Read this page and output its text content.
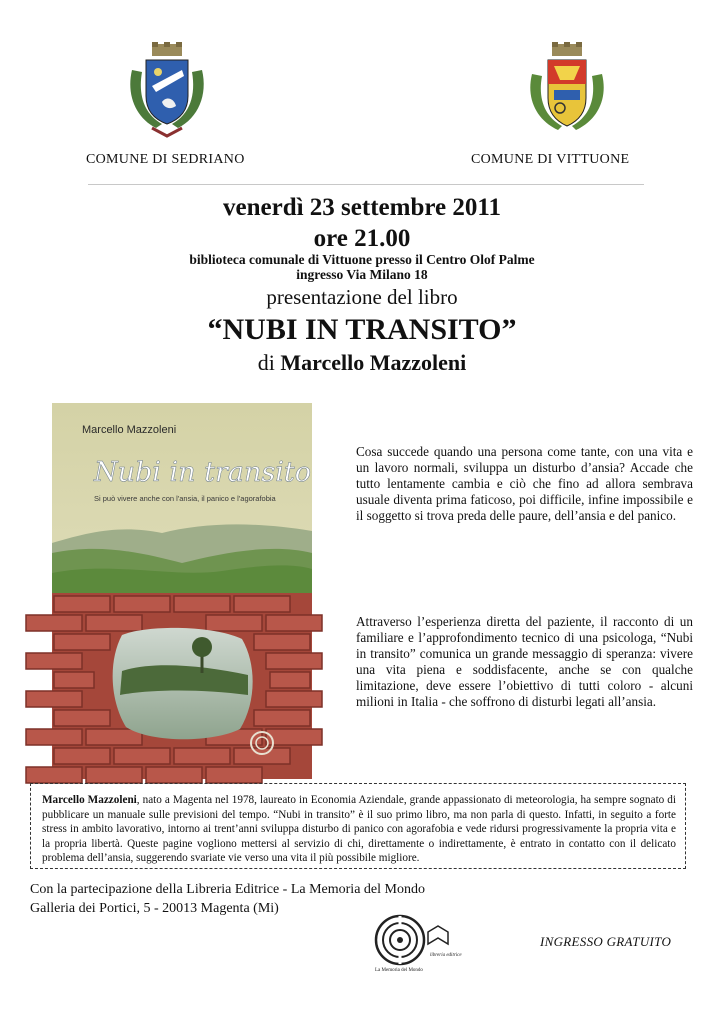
COMUNE DI SEDRIANO	COMUNE DI VITTUONE
venerdì 23 settembre 2011
ore 21.00
biblioteca comunale di Vittuone presso il Centro Olof Palme
ingresso Via Milano 18
presentazione del libro
“NUBI IN TRANSITO”
di Marcello Mazzoleni
Marcello Mazzoleni
Nubi in transito
Si può vivere anche con l'ansia, il panico e l'agorafobia
Cosa succede quando una persona come tante, con una vita e un lavoro normali, sviluppa un disturbo d’ansia? Accade che tutto lentamente cambia e ciò che fino ad allora sembrava usuale diventa prima faticoso, poi difficile, infine impossibile e il soggetto si trova preda delle paure, dell’ansia e del panico.
Attraverso l’esperienza diretta del paziente, il racconto di un familiare e l’approfondimento tecnico di una psicologa, “Nubi in transito” comunica un grande messaggio di speranza: vivere una vita piena e soddisfacente, anche se con qualche limitazione, deve essere l’obiettivo di tutti coloro - alcuni milioni in Italia - che soffrono di disturbi legati all’ansia.
Marcello Mazzoleni, nato a Magenta nel 1978, laureato in Economia Aziendale, grande appassionato di meteorologia, ha sempre sognato di pubblicare un manuale sulle previsioni del tempo. “Nubi in transito” è il suo primo libro, ma non parla di questo. Infatti, in seguito a forte stress in ambito lavorativo, intorno ai trent’anni sviluppa disturbo di panico con agorafobia e vede ridursi progressivamente la propria vita e la propria libertà. Queste pagine vogliono mettersi al servizio di chi, direttamente o indirettamente, è entrato in contatto con il delicato problema dell’ansia, suggerendo svariate vie verso una vita il più possibile migliore.
Con la partecipazione della Libreria Editrice - La Memoria del Mondo
Galleria dei Portici, 5 - 20013 Magenta (Mi)
La Memoria del Mondo
libreria editrice
INGRESSO GRATUITO
